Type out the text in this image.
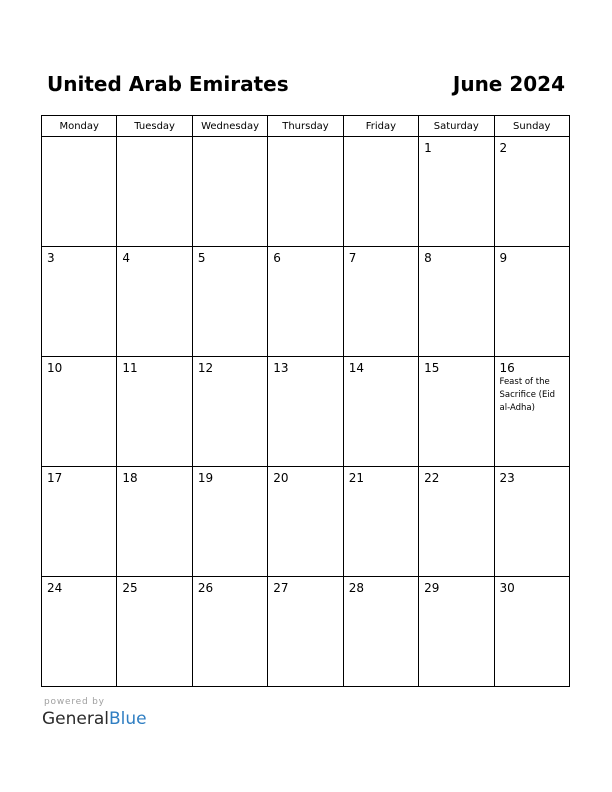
United Arab Emirates	June 2024
Monday	Tuesday	Wednesday	Thursday	Friday	Saturday	Sunday

					1	2

3	4	5	6	7	8	9

10	11	12	13	14	15	16
Feast of the Sacrifice (Eid al-Adha)

17	18	19	20	21	22	23

24	25	26	27	28	29	30
powered by
GeneralBlue
